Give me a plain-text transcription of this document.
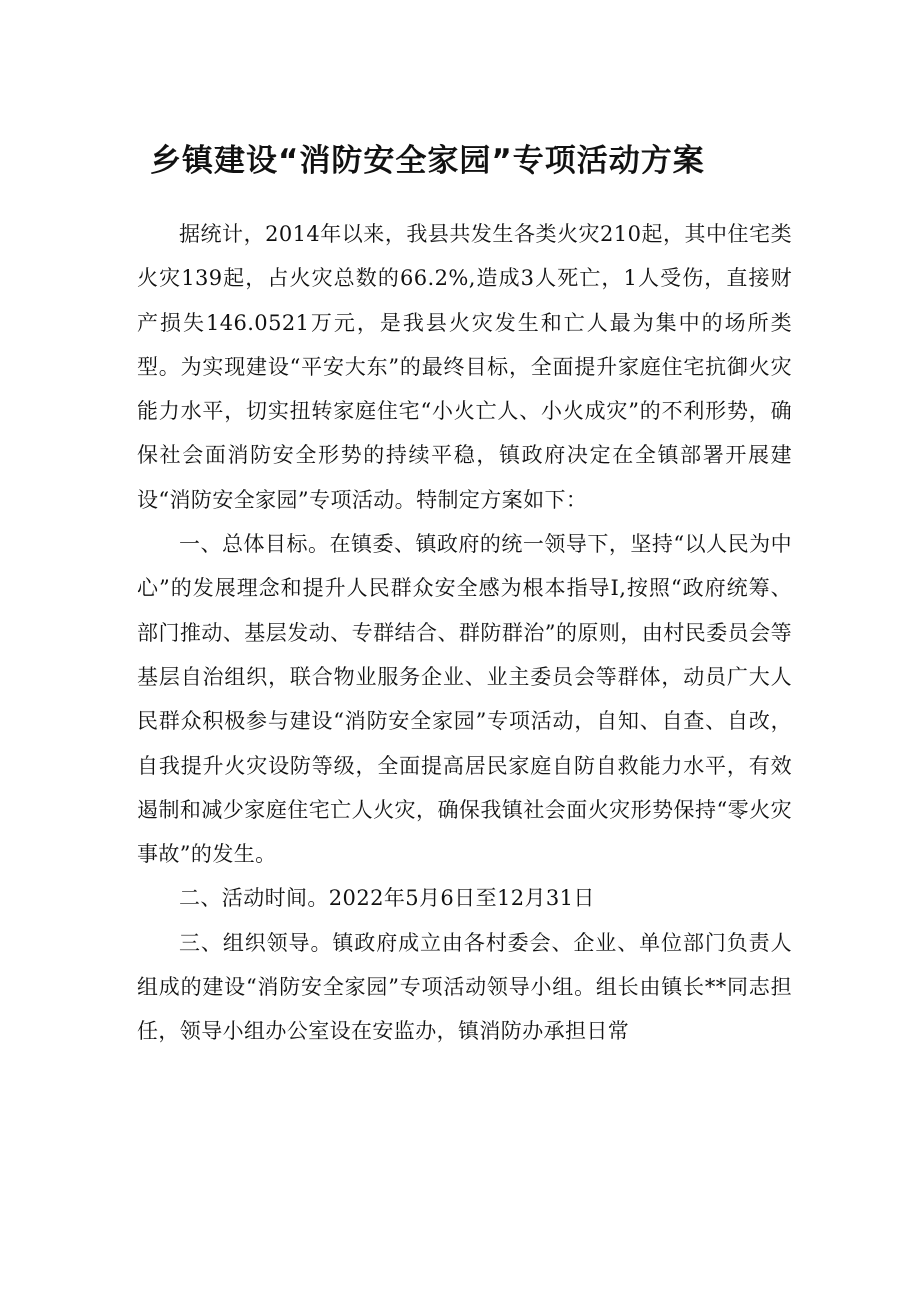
乡镇建设“消防安全家园”专项活动方案

据统计，2014年以来，我县共发生各类火灾210起，其中住宅类火灾139起，占火灾总数的66.2%,造成3人死亡，1人受伤，直接财产损失146.0521万元，是我县火灾发生和亡人最为集中的场所类型。为实现建设“平安大东”的最终目标，全面提升家庭住宅抗御火灾能力水平，切实扭转家庭住宅“小火亡人、小火成灾”的不利形势，确保社会面消防安全形势的持续平稳，镇政府决定在全镇部署开展建设“消防安全家园”专项活动。特制定方案如下：

一、总体目标。在镇委、镇政府的统一领导下，坚持“以人民为中心”的发展理念和提升人民群众安全感为根本指导I,按照“政府统筹、部门推动、基层发动、专群结合、群防群治”的原则，由村民委员会等基层自治组织，联合物业服务企业、业主委员会等群体，动员广大人民群众积极参与建设“消防安全家园”专项活动，自知、自查、自改，自我提升火灾设防等级，全面提高居民家庭自防自救能力水平，有效遏制和减少家庭住宅亡人火灾，确保我镇社会面火灾形势保持“零火灾事故”的发生。

二、活动时间。2022年5月6日至12月31日

三、组织领导。镇政府成立由各村委会、企业、单位部门负责人组成的建设“消防安全家园”专项活动领导小组。组长由镇长**同志担任，领导小组办公室设在安监办，镇消防办承担日常
